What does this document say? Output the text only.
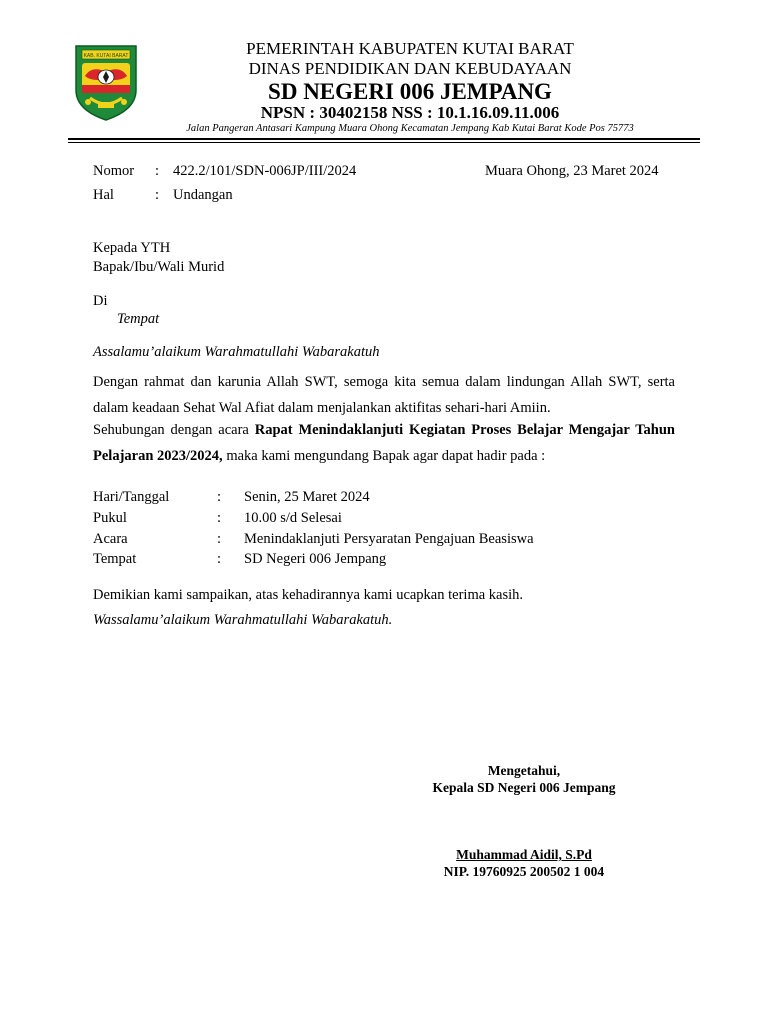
KAB. KUTAI BARAT	PEMERINTAH KABUPATEN KUTAI BARAT
DINAS PENDIDIKAN DAN KEBUDAYAAN
SD NEGERI 006 JEMPANG
NPSN : 30402158 NSS : 10.1.16.09.11.006
Jalan Pangeran Antasari Kampung Muara Ohong Kecamatan Jempang Kab Kutai Barat Kode Pos 75773
Nomor : 422.2/101/SDN-006JP/III/2024	Muara Ohong, 23 Maret 2024
Hal	: Undangan
Kepada YTH
Bapak/Ibu/Wali Murid
Di
Tempat
Assalamu’alaikum Warahmatullahi Wabarakatuh
Dengan rahmat dan karunia Allah SWT, semoga kita semua dalam lindungan Allah SWT, serta dalam keadaan Sehat Wal Afiat dalam menjalankan aktifitas sehari-hari Amiin.
Sehubungan dengan acara Rapat Menindaklanjuti Kegiatan Proses Belajar Mengajar Tahun Pelajaran 2023/2024, maka kami mengundang Bapak agar dapat hadir pada :
Hari/Tanggal	: Senin, 25 Maret 2024
Pukul	: 10.00 s/d Selesai
Acara	: Menindaklanjuti Persyaratan Pengajuan Beasiswa
Tempat	: SD Negeri 006 Jempang
Demikian kami sampaikan, atas kehadirannya kami ucapkan terima kasih.
Wassalamu’alaikum Warahmatullahi Wabarakatuh.
Mengetahui,
Kepala SD Negeri 006 Jempang
Muhammad Aidil, S.Pd
NIP. 19760925 200502 1 004
